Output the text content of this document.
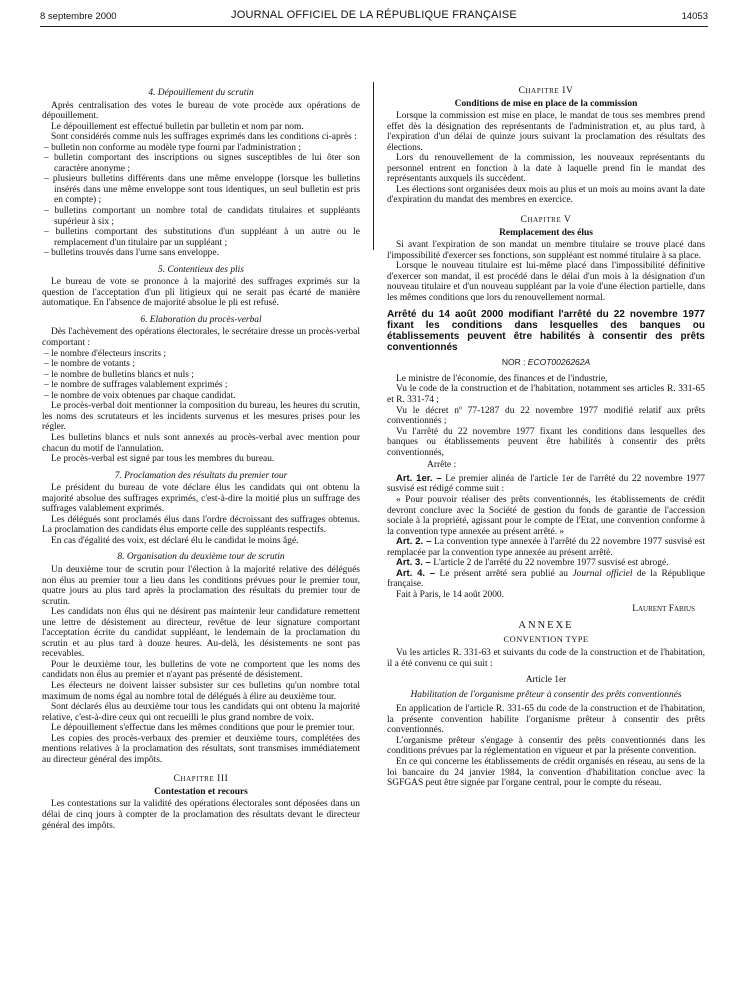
8 septembre 2000	JOURNAL OFFICIEL DE LA RÉPUBLIQUE FRANÇAISE	14053
4. Dépouillement du scrutin

Après centralisation des votes le bureau de vote procède aux opérations de dépouillement.

Le dépouillement est effectué bulletin par bulletin et nom par nom.

Sont considérés comme nuls les suffrages exprimés dans les conditions ci-après :

– bulletin non conforme au modèle type fourni par l'administration ;
– bulletin comportant des inscriptions ou signes susceptibles de lui ôter son caractère anonyme ;
– plusieurs bulletins différents dans une même enveloppe (lorsque les bulletins insérés dans une même enveloppe sont tous identiques, un seul bulletin est pris en compte) ;
– bulletins comportant un nombre total de candidats titulaires et suppléants supérieur à six ;
– bulletins comportant des substitutions d'un suppléant à un autre ou le remplacement d'un titulaire par un suppléant ;
– bulletins trouvés dans l'urne sans enveloppe.
5. Contentieux des plis

Le bureau de vote se prononce à la majorité des suffrages exprimés sur la question de l'acceptation d'un pli litigieux qui ne serait pas écarté de manière automatique. En l'absence de majorité absolue le pli est refusé.

6. Elaboration du procès-verbal

Dès l'achèvement des opérations électorales, le secrétaire dresse un procès-verbal comportant :

– le nombre d'électeurs inscrits ;
– le nombre de votants ;
– le nombre de bulletins blancs et nuls ;
– le nombre de suffrages valablement exprimés ;
– le nombre de voix obtenues par chaque candidat.

Le procès-verbal doit mentionner la composition du bureau, les heures du scrutin, les noms des scrutateurs et les incidents survenus et les mesures prises pour les régler.

Les bulletins blancs et nuls sont annexés au procès-verbal avec mention pour chacun du motif de l'annulation.

Le procès-verbal est signé par tous les membres du bureau.

7. Proclamation des résultats du premier tour

Le président du bureau de vote déclare élus les candidats qui ont obtenu la majorité absolue des suffrages exprimés, c'est-à-dire la moitié plus un suffrage des suffrages valablement exprimés.

Les délégués sont proclamés élus dans l'ordre décroissant des suffrages obtenus. La proclamation des candidats élus emporte celle des suppléants respectifs.

En cas d'égalité des voix, est déclaré élu le candidat le moins âgé.

8. Organisation du deuxième tour de scrutin

Un deuxième tour de scrutin pour l'élection à la majorité relative des délégués non élus au premier tour a lieu dans les conditions prévues pour le premier tour, quatre jours au plus tard après la proclamation des résultats du premier tour de scrutin.

Les candidats non élus qui ne désirent pas maintenir leur candidature remettent une lettre de désistement au directeur, revêtue de leur signature comportant l'acceptation écrite du candidat suppléant, le lendemain de la proclamation du scrutin et au plus tard à douze heures. Au-delà, les désistements ne sont pas recevables.

Pour le deuxième tour, les bulletins de vote ne comportent que les noms des candidats non élus au premier et n'ayant pas présenté de désistement.

Les électeurs ne doivent laisser subsister sur ces bulletins qu'un nombre total maximum de noms égal au nombre total de délégués à élire au deuxième tour.

Sont déclarés élus au deuxième tour tous les candidats qui ont obtenu la majorité relative, c'est-à-dire ceux qui ont recueilli le plus grand nombre de voix.

Le dépouillement s'effectue dans les mêmes conditions que pour le premier tour.

Les copies des procès-verbaux des premier et deuxième tours, complétées des mentions relatives à la proclamation des résultats, sont transmises immédiatement au directeur général des impôts.

Chapitre III
Contestation et recours

Les contestations sur la validité des opérations électorales sont déposées dans un délai de cinq jours à compter de la proclamation des résultats devant le directeur général des impôts.

Chapitre IV
Conditions de mise en place de la commission

Lorsque la commission est mise en place, le mandat de tous ses membres prend effet dès la désignation des représentants de l'administration et, au plus tard, à l'expiration d'un délai de quinze jours suivant la proclamation des résultats des élections.

Lors du renouvellement de la commission, les nouveaux représentants du personnel entrent en fonction à la date à laquelle prend fin le mandat des représentants auxquels ils succèdent.

Les élections sont organisées deux mois au plus et un mois au moins avant la date d'expiration du mandat des membres en exercice.

Chapitre V
Remplacement des élus

Si avant l'expiration de son mandat un membre titulaire se trouve placé dans l'impossibilité d'exercer ses fonctions, son suppléant est nommé titulaire à sa place.

Lorsque le nouveau titulaire est lui-même placé dans l'impossibilité définitive d'exercer son mandat, il est procédé dans le délai d'un mois à la désignation d'un nouveau titulaire et d'un nouveau suppléant par la voie d'une élection partielle, dans les mêmes conditions que lors du renouvellement normal.

Arrêté du 14 août 2000 modifiant l'arrêté du 22 novembre 1977 fixant les conditions dans lesquelles des banques ou établissements peuvent être habilités à consentir des prêts conventionnés
NOR : ECOT0026262A

Le ministre de l'économie, des finances et de l'industrie,

Vu le code de la construction et de l'habitation, notamment ses articles R. 331-65 et R. 331-74 ;

Vu le décret nº 77-1287 du 22 novembre 1977 modifié relatif aux prêts conventionnés ;

Vu l'arrêté du 22 novembre 1977 fixant les conditions dans lesquelles des banques ou établissements peuvent être habilités à consentir des prêts conventionnés,

Arrête :

Art. 1er. – Le premier alinéa de l'article 1er de l'arrêté du 22 novembre 1977 susvisé est rédigé comme suit :

« Pour pouvoir réaliser des prêts conventionnés, les établissements de crédit devront conclure avec la Société de gestion du fonds de garantie de l'accession sociale à la propriété, agissant pour le compte de l'Etat, une convention conforme à la convention type annexée au présent arrêté. »

Art. 2. – La convention type annexée à l'arrêté du 22 novembre 1977 susvisé est remplacée par la convention type annexée au présent arrêté.

Art. 3. – L'article 2 de l'arrêté du 22 novembre 1977 susvisé est abrogé.

Art. 4. – Le présent arrêté sera publié au Journal officiel de la République française.

Fait à Paris, le 14 août 2000.

Laurent Fabius
ANNEXE
CONVENTION TYPE

Vu les articles R. 331-63 et suivants du code de la construction et de l'habitation, il a été convenu ce qui suit :

Article 1er
Habilitation de l'organisme prêteur à consentir des prêts conventionnés

En application de l'article R. 331-65 du code de la construction et de l'habitation, la présente convention habilite l'organisme prêteur à consentir des prêts conventionnés.

L'organisme prêteur s'engage à consentir des prêts conventionnés dans les conditions prévues par la réglementation en vigueur et par la présente convention.

En ce qui concerne les établissements de crédit organisés en réseau, au sens de la loi bancaire du 24 janvier 1984, la convention d'habilitation conclue avec la SGFGAS peut être signée par l'organe central, pour le compte du réseau.
